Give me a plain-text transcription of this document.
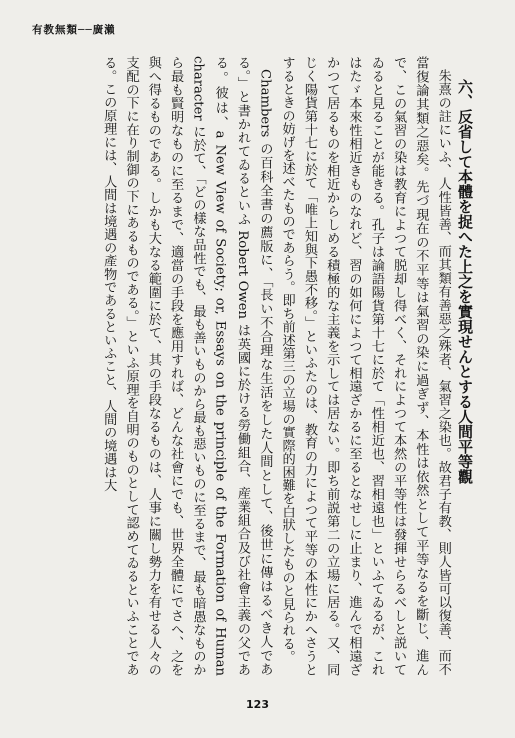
有教無類──廣瀨
六、反省して本體を捉へた上之を實現せんとする人間平等觀

朱熹の註にいふ、人性皆善、而其類有善惡之殊者、氣習之染也。故君子有教、則人皆可以復善、而不當復論其類之惡矣。先づ現在の不平等は氣習の染に過ぎず、本性は依然として平等なるを斷じ、進んで、この氣習の染は教育によつて脱却し得べく、それによつて本然の平等性は發揮せらるべしと説いてゐると見ることが能きる。孔子は論語陽貨第十七に於て「性相近也、習相遠也」といふてゐるが、これはたゞ本來性相近きものなれど、習の如何によつて相遠ざかるに至るとなせしに止まり、進んで相遠ざかつて居るものを相近からしめる積極的な主義を示しては居ない。即ち前説第二の立場に居る。又、同じく陽貨第十七に於て「唯上知與下愚不移。」といふたのは、教育の力によつて平等の本性にかへさうとするときの妨げを述べたものであらう。即ち前述第三の立場の實際的困難を白狀したものと見られる。

Chambers の百科全書の薦版に、「長い不合理な生活をした人間として、後世に傳はるべき人である。」と書かれてゐるといふ Robert Owen は英國に於ける勞働組合、産業組合及び社會主義の父である。彼は、a New View of Society; or, Essays on the principle of the Formation of Human character に於て、「どの樣な品性でも、最も善いものから最も惡いものに至るまで、最も暗愚なものから最も賢明なものに至るまで、適當の手段を應用すれば、どんな社會にでも、世界全體にでさへ、之を與へ得るものである。しかも大なる範圍に於て、其の手段なるものは、人事に關し勢力を有せる人々の支配の下に在り制御の下にあるものである。」といふ原理を自明のものとして認めてゐるといふことである。この原理には、人間は境遇の產物であるといふこと、人間の境遇は大

123
